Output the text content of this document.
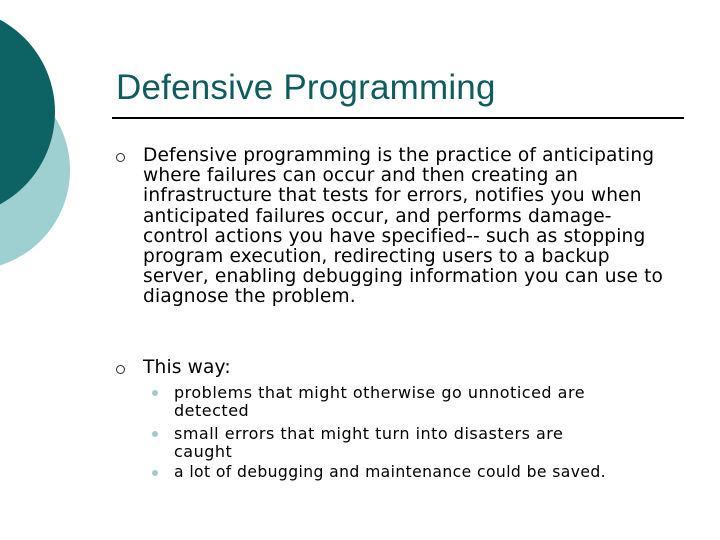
Defensive Programming
Defensive programming is the practice of anticipating where failures can occur and then creating an infrastructure that tests for errors, notifies you when anticipated failures occur, and performs damage-control actions you have specified-- such as stopping program execution, redirecting users to a backup server, enabling debugging information you can use to diagnose the problem.
This way:
problems that might otherwise go unnoticed are detected
small errors that might turn into disasters are caught
a lot of debugging and maintenance could be saved.
